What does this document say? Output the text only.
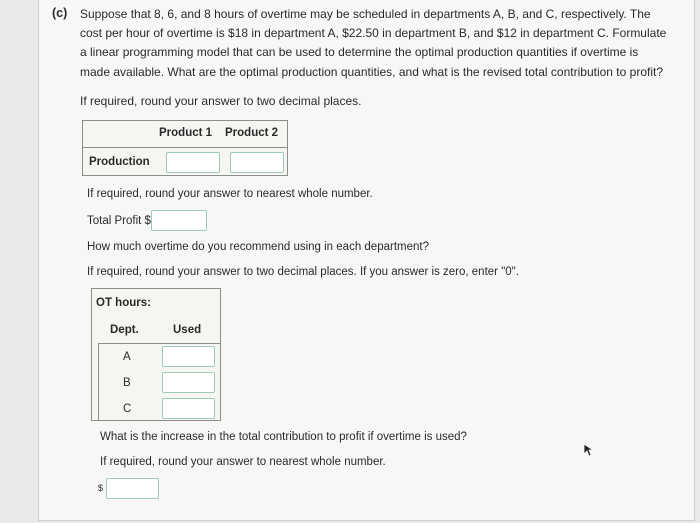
(c) Suppose that 8, 6, and 8 hours of overtime may be scheduled in departments A, B, and C, respectively. The
cost per hour of overtime is $18 in department A, $22.50 in department B, and $12 in department C. Formulate
a linear programming model that can be used to determine the optimal production quantities if overtime is
made available. What are the optimal production quantities, and what is the revised total contribution to profit?
If required, round your answer to two decimal places.
Product 1 Product 2
Production
If required, round your answer to nearest whole number.
Total Profit $
How much overtime do you recommend using in each department?
If required, round your answer to two decimal places. If you answer is zero, enter "0".
OT hours:
Dept.	Used
A
B
C
What is the increase in the total contribution to profit if overtime is used?
If required, round your answer to nearest whole number.
$
